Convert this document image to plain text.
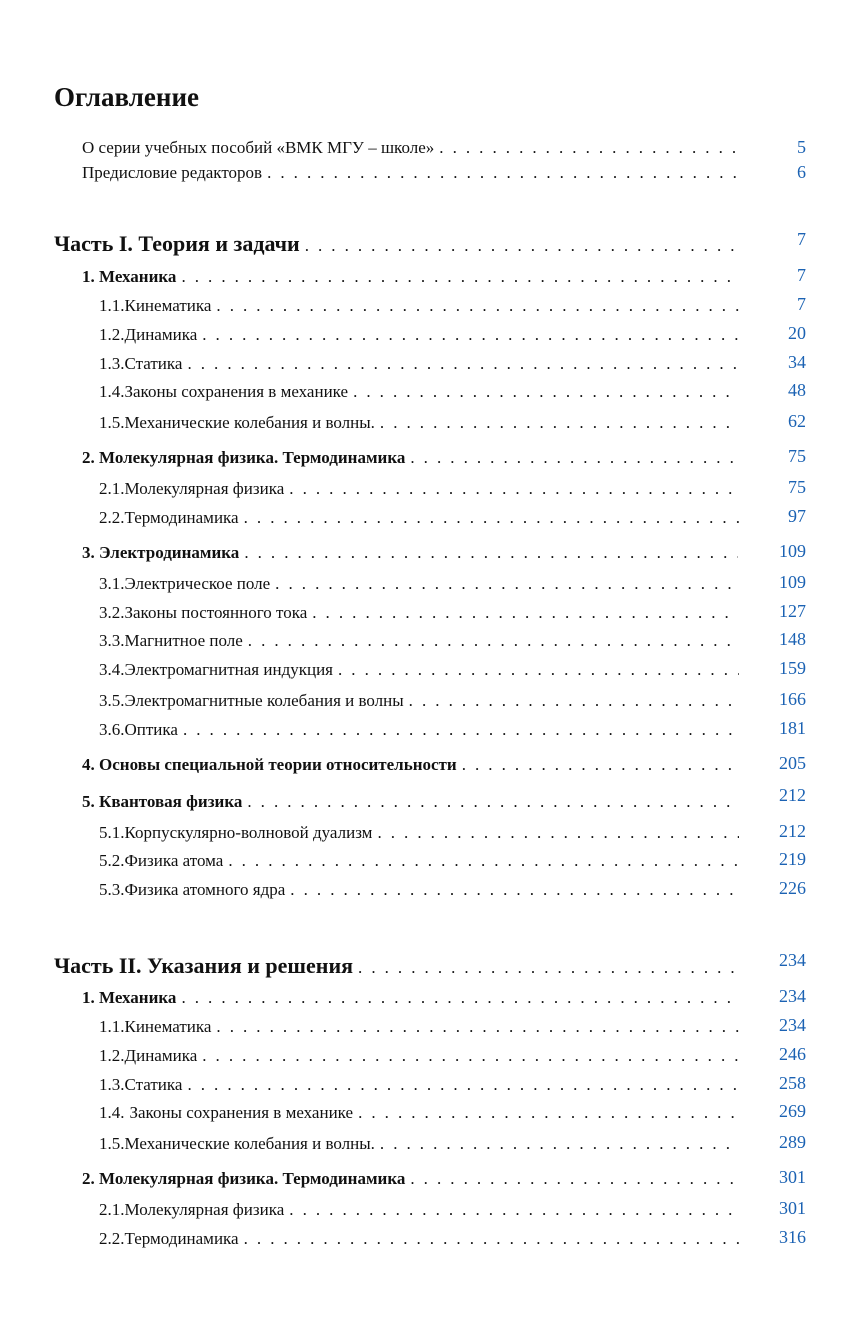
Оглавление
О серии учебных пособий «ВМК МГУ – школе» . . .	5
Предисловие редакторов . . .	6
Часть I. Теория и задачи . . .	7
1. Механика . . .	7
1.1. Кинематика . . .	7
1.2. Динамика . . .	20
1.3. Статика . . .	34
1.4. Законы сохранения в механике . . .	48
1.5. Механические колебания и волны. . . .	62
2. Молекулярная физика. Термодинамика . . .	75
2.1. Молекулярная физика . . .	75
2.2. Термодинамика . . .	97
3. Электродинамика . . .	109
3.1. Электрическое поле . . .	109
3.2. Законы постоянного тока . . .	127
3.3. Магнитное поле . . .	148
3.4. Электромагнитная индукция . . .	159
3.5. Электромагнитные колебания и волны . . .	166
3.6. Оптика . . .	181
4. Основы специальной теории относительности . . .	205
5. Квантовая физика . . .	212
5.1. Корпускулярно-волновой дуализм . . .	212
5.2. Физика атома . . .	219
5.3. Физика атомного ядра . . .	226
Часть II. Указания и решения . . .	234
1. Механика . . .	234
1.1. Кинематика . . .	234
1.2. Динамика . . .	246
1.3. Статика . . .	258
1.4. Законы сохранения в механике . . .	269
1.5. Механические колебания и волны. . . .	289
2. Молекулярная физика. Термодинамика . . .	301
2.1. Молекулярная физика . . .	301
2.2. Термодинамика . . .	316
